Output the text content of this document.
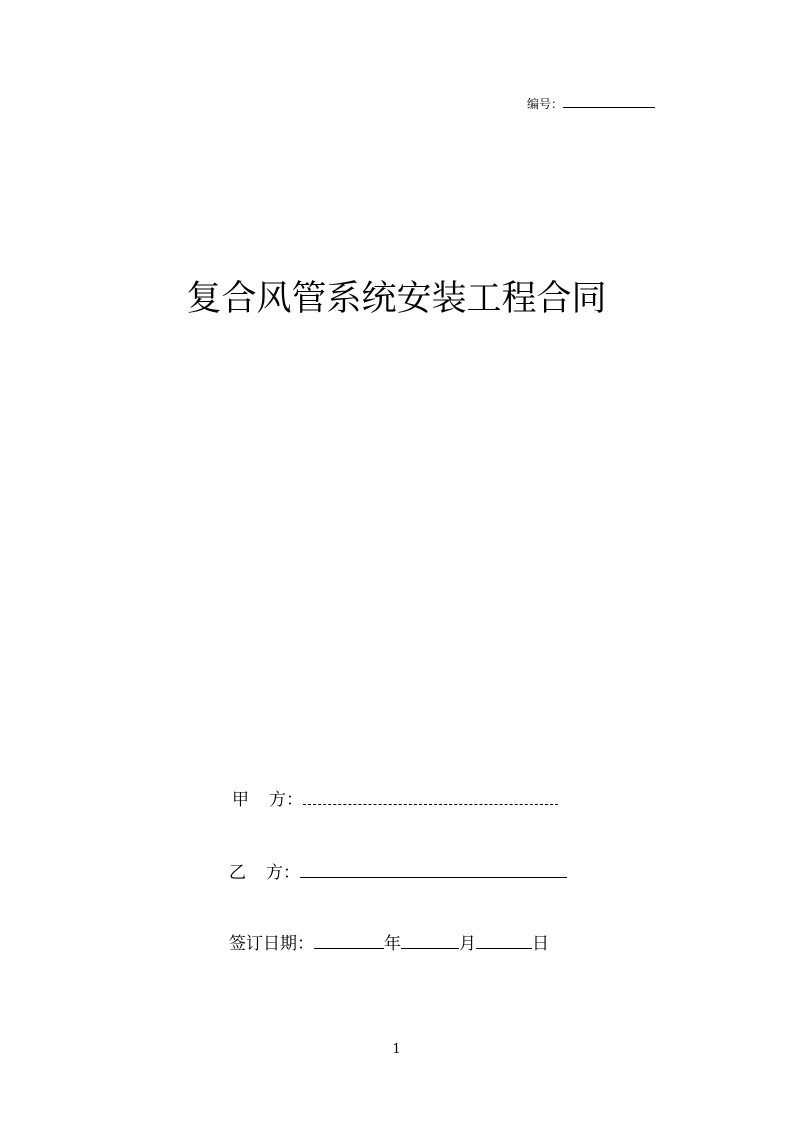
编号：
复合风管系统安装工程合同
甲 方：
乙 方：
签订日期：	年	月	日
1
